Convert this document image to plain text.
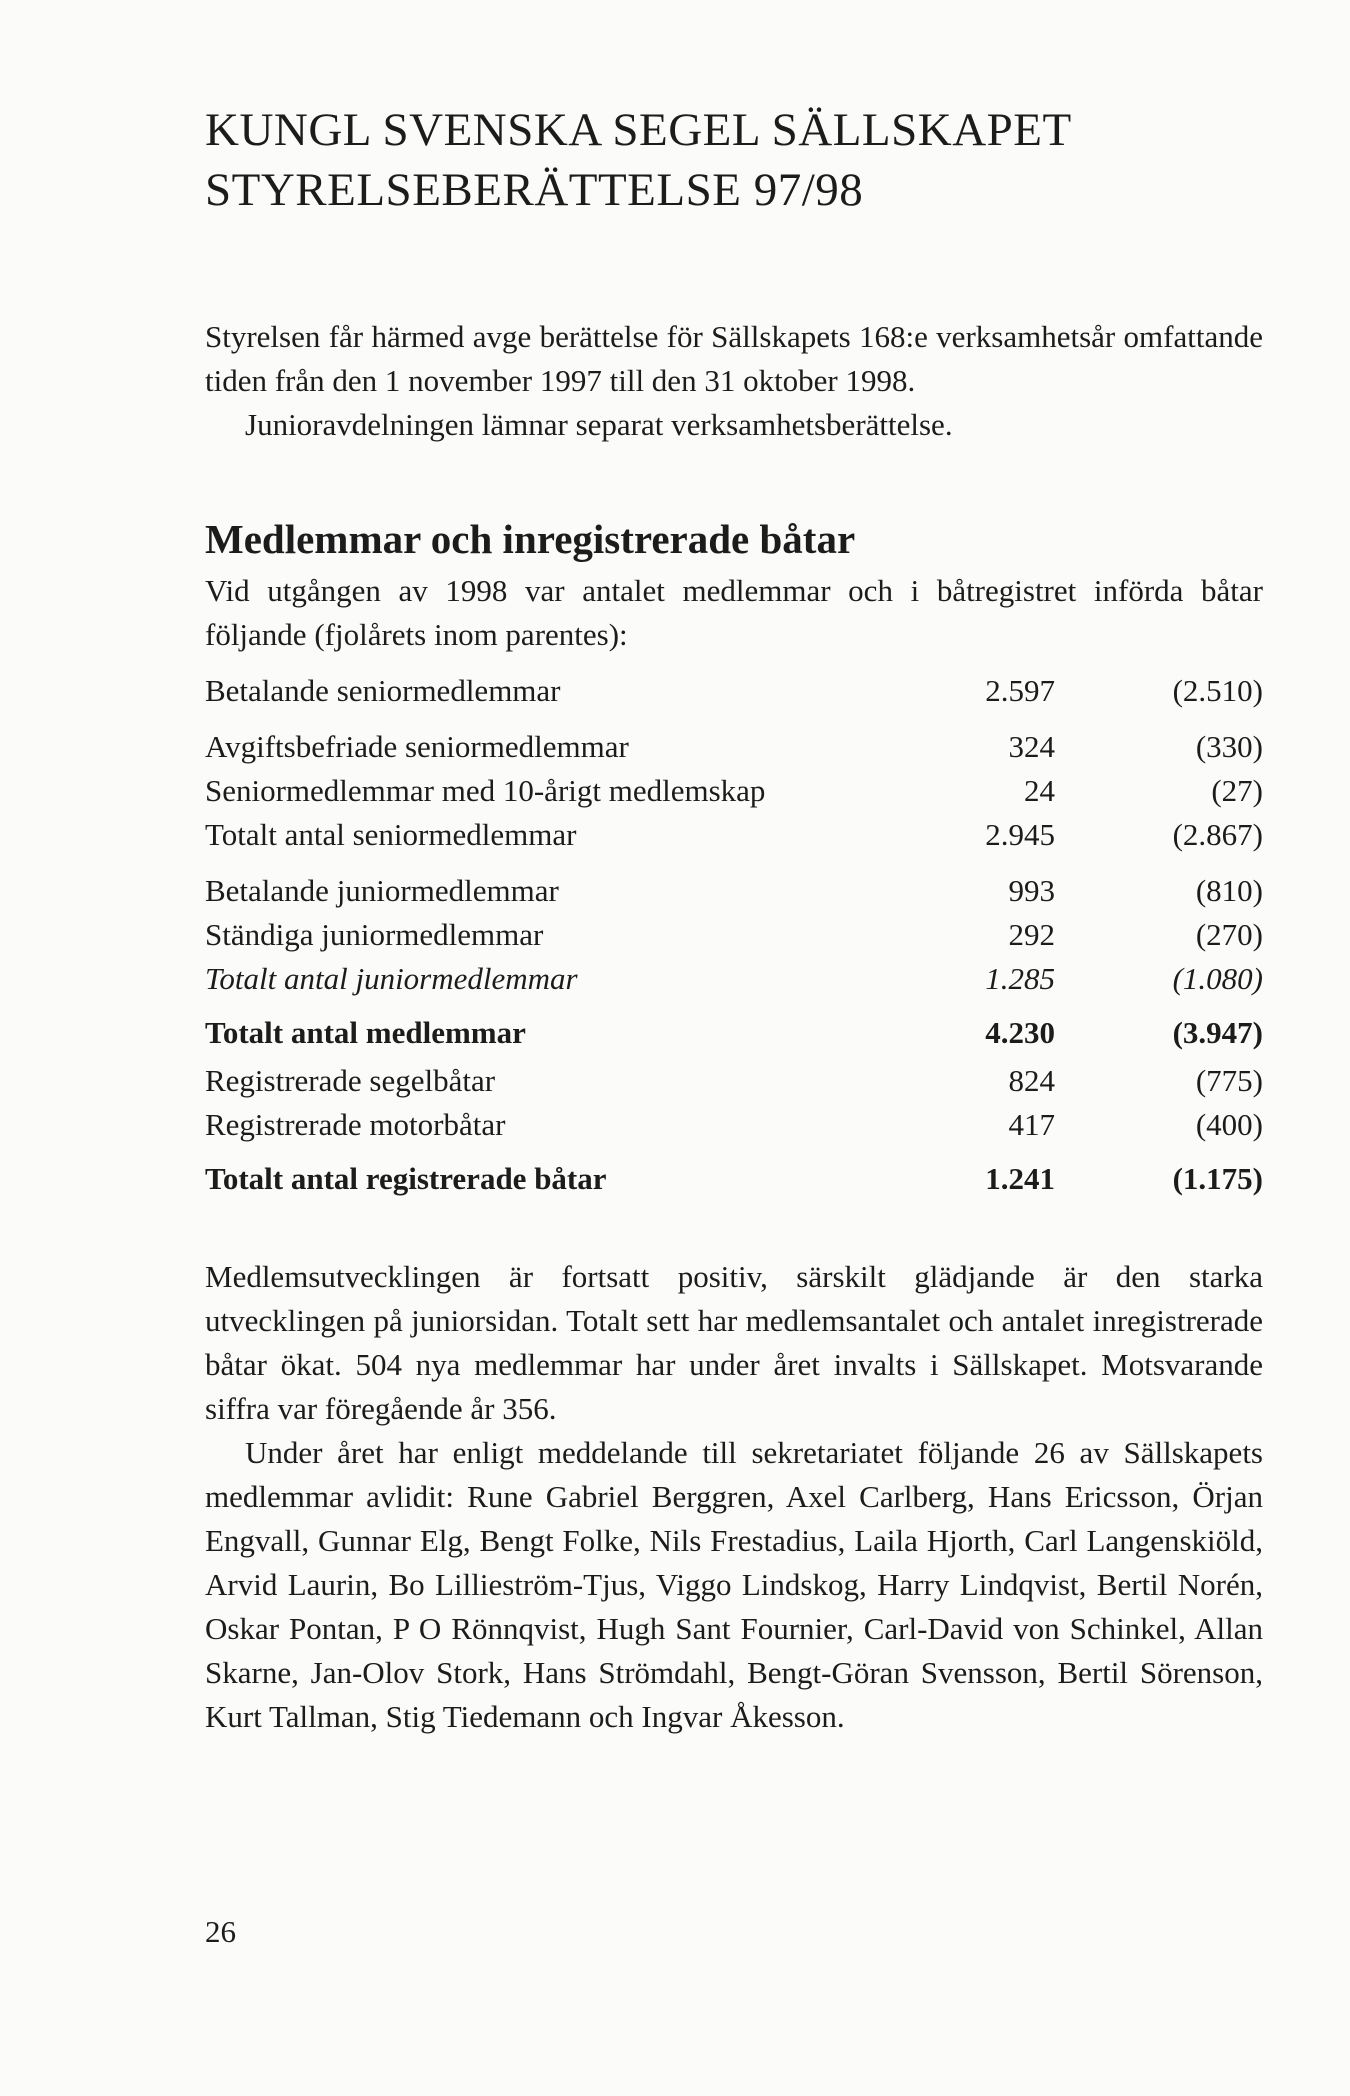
KUNGL SVENSKA SEGEL SÄLLSKAPET
STYRELSEBERÄTTELSE 97/98

Styrelsen får härmed avge berättelse för Sällskapets 168:e verksamhetsår omfattande tiden från den 1 november 1997 till den 31 oktober 1998.

Junioravdelningen lämnar separat verksamhetsberättelse.

Medlemmar och inregistrerade båtar

Vid utgången av 1998 var antalet medlemmar och i båtregistret införda båtar följande (fjolårets inom parentes):

Betalande seniormedlemmar	2.597	(2.510)
Avgiftsbefriade seniormedlemmar	324	(330)
Seniormedlemmar med 10-årigt medlemskap	24	(27)
Totalt antal seniormedlemmar	2.945	(2.867)
Betalande juniormedlemmar	993	(810)
Ständiga juniormedlemmar	292	(270)
Totalt antal juniormedlemmar	1.285	(1.080)
Totalt antal medlemmar	4.230	(3.947)
Registrerade segelbåtar	824	(775)
Registrerade motorbåtar	417	(400)
Totalt antal registrerade båtar	1.241	(1.175)

Medlemsutvecklingen är fortsatt positiv, särskilt glädjande är den starka utvecklingen på juniorsidan. Totalt sett har medlemsantalet och antalet inregistrerade båtar ökat. 504 nya medlemmar har under året invalts i Sällskapet. Motsvarande siffra var föregående år 356.

Under året har enligt meddelande till sekretariatet följande 26 av Sällskapets medlemmar avlidit: Rune Gabriel Berggren, Axel Carlberg, Hans Ericsson, Örjan Engvall, Gunnar Elg, Bengt Folke, Nils Frestadius, Laila Hjorth, Carl Langenskiöld, Arvid Laurin, Bo Lillieström-Tjus, Viggo Lindskog, Harry Lindqvist, Bertil Norén, Oskar Pontan, P O Rönnqvist, Hugh Sant Fournier, Carl-David von Schinkel, Allan Skarne, Jan-Olov Stork, Hans Strömdahl, Bengt-Göran Svensson, Bertil Sörenson, Kurt Tallman, Stig Tiedemann och Ingvar Åkesson.

26
